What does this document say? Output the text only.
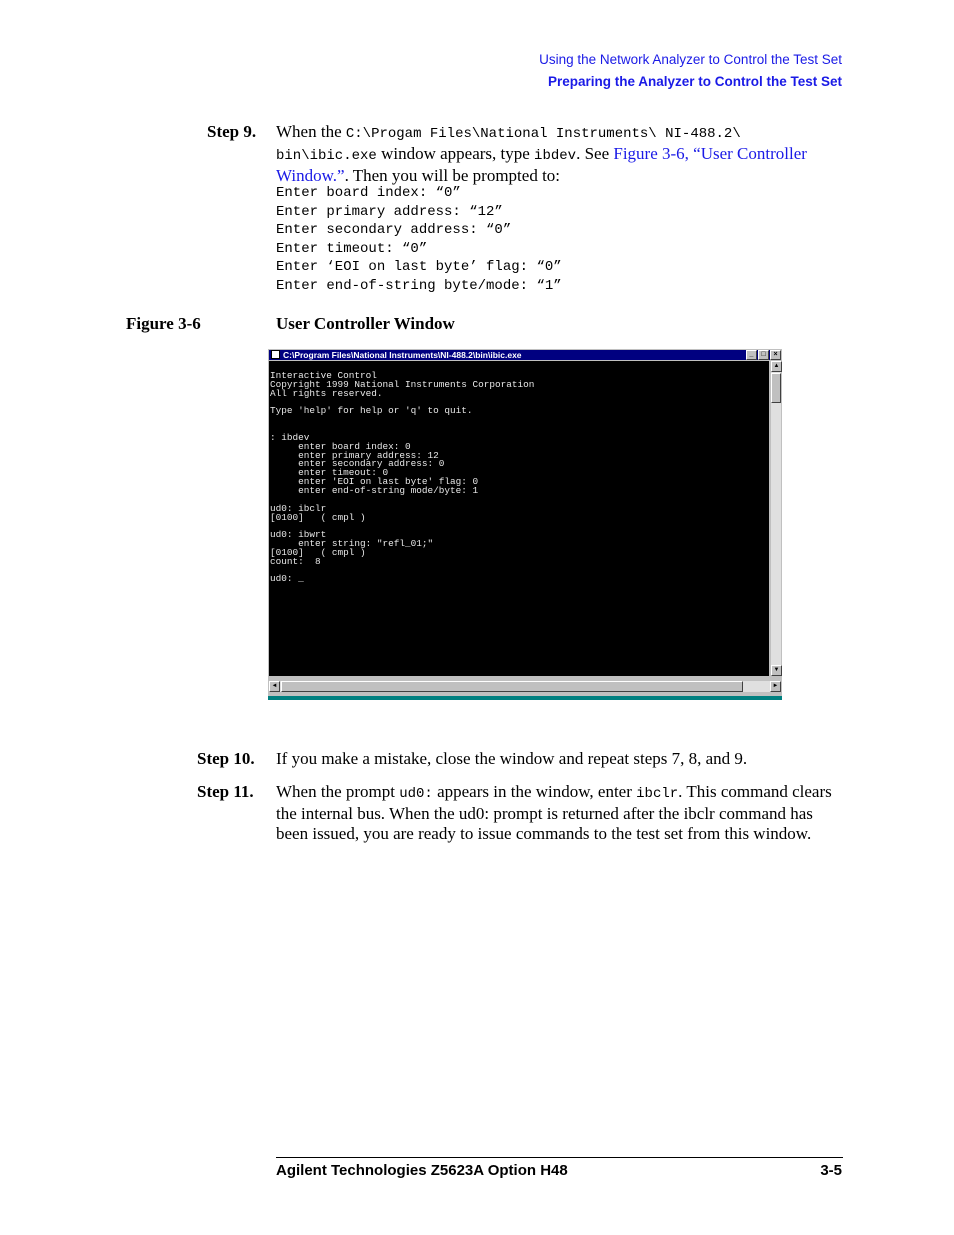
Using the Network Analyzer to Control the Test Set
Preparing the Analyzer to Control the Test Set
Step 9. When the C:\Progam Files\National Instruments\ NI-488.2\
bin\ibic.exe window appears, type ibdev. See Figure 3-6, “User Controller Window.”. Then you will be prompted to:
Enter board index: “0”
Enter primary address: “12”
Enter secondary address: “0”
Enter timeout: “0”
Enter ‘EOI on last byte’ flag: “0”
Enter end-of-string byte/mode: “1”
Figure 3-6	User Controller Window
C:\Program Files\National Instruments\NI-488.2\bin\ibic.exe	_ □ ×
Interactive Control
Copyright 1999 National Instruments Corporation
All rights reserved.

Type 'help' for help or 'q' to quit.

: ibdev
enter board index: 0
enter primary address: 12
enter secondary address: 0
enter timeout: 0
enter 'EOI on last byte' flag: 0
enter end-of-string mode/byte: 1

ud0: ibclr
[0100]   ( cmpl )

ud0: ibwrt
enter string: "refl_01;"
[0100]   ( cmpl )
count:  8

ud0: _
▲
▼
◄	►
Step 10. If you make a mistake, close the window and repeat steps 7, 8, and 9.
Step 11. When the prompt ud0: appears in the window, enter ibclr. This command clears the internal bus. When the ud0: prompt is returned after the ibclr command has been issued, you are ready to issue commands to the test set from this window.
Agilent Technologies Z5623A Option H48	3-5
